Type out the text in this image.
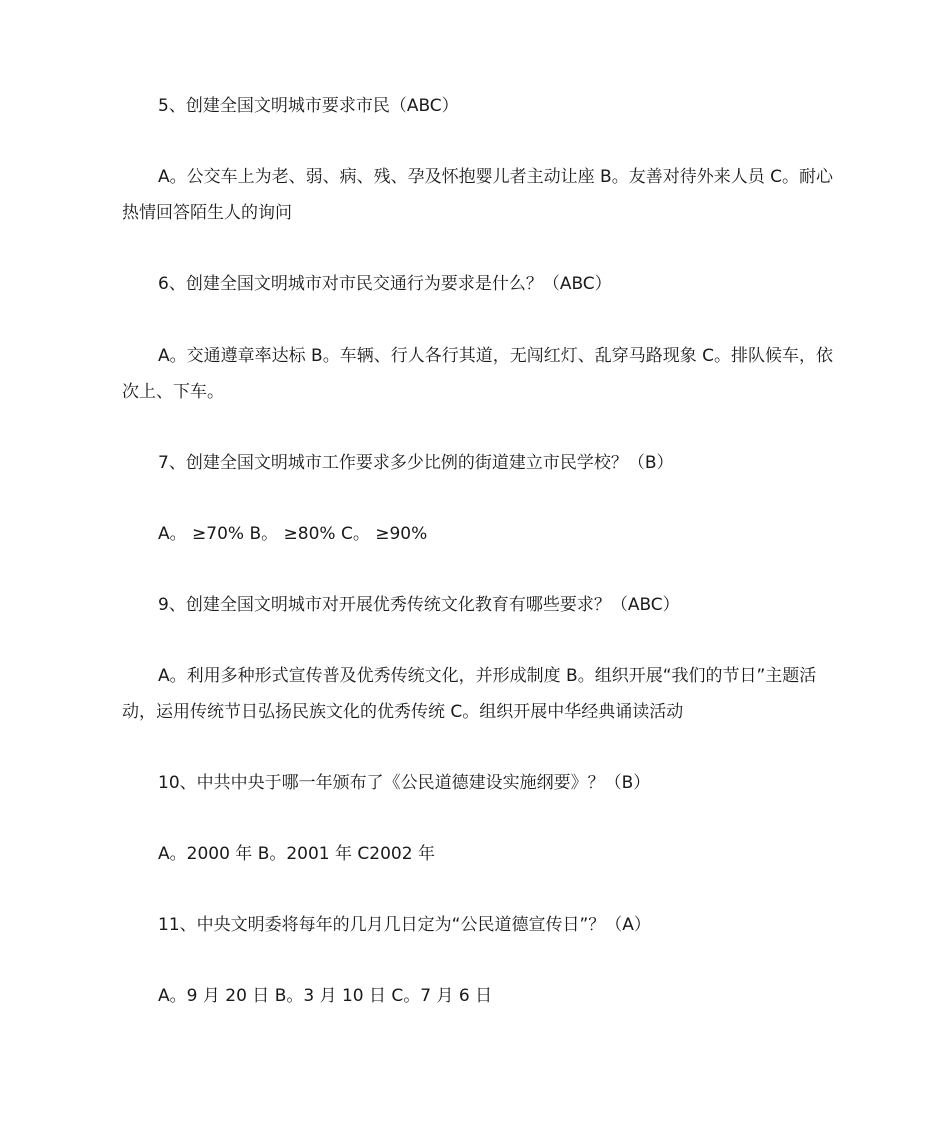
5、创建全国文明城市要求市民（ABC）

A。公交车上为老、弱、病、残、孕及怀抱婴儿者主动让座 B。友善对待外来人员 C。耐心热情回答陌生人的询问

6、创建全国文明城市对市民交通行为要求是什么？（ABC）

A。交通遵章率达标 B。车辆、行人各行其道，无闯红灯、乱穿马路现象 C。排队候车，依次上、下车。

7、创建全国文明城市工作要求多少比例的街道建立市民学校？（B）

A。 ≥70% B。 ≥80% C。 ≥90%

9、创建全国文明城市对开展优秀传统文化教育有哪些要求？（ABC）

A。利用多种形式宣传普及优秀传统文化，并形成制度 B。组织开展“我们的节日”主题活动，运用传统节日弘扬民族文化的优秀传统 C。组织开展中华经典诵读活动

10、中共中央于哪一年颁布了《公民道德建设实施纲要》？（B）

A。2000 年 B。2001 年 C2002 年

11、中央文明委将每年的几月几日定为“公民道德宣传日”？（A）

A。9 月 20 日 B。3 月 10 日 C。7 月 6 日
